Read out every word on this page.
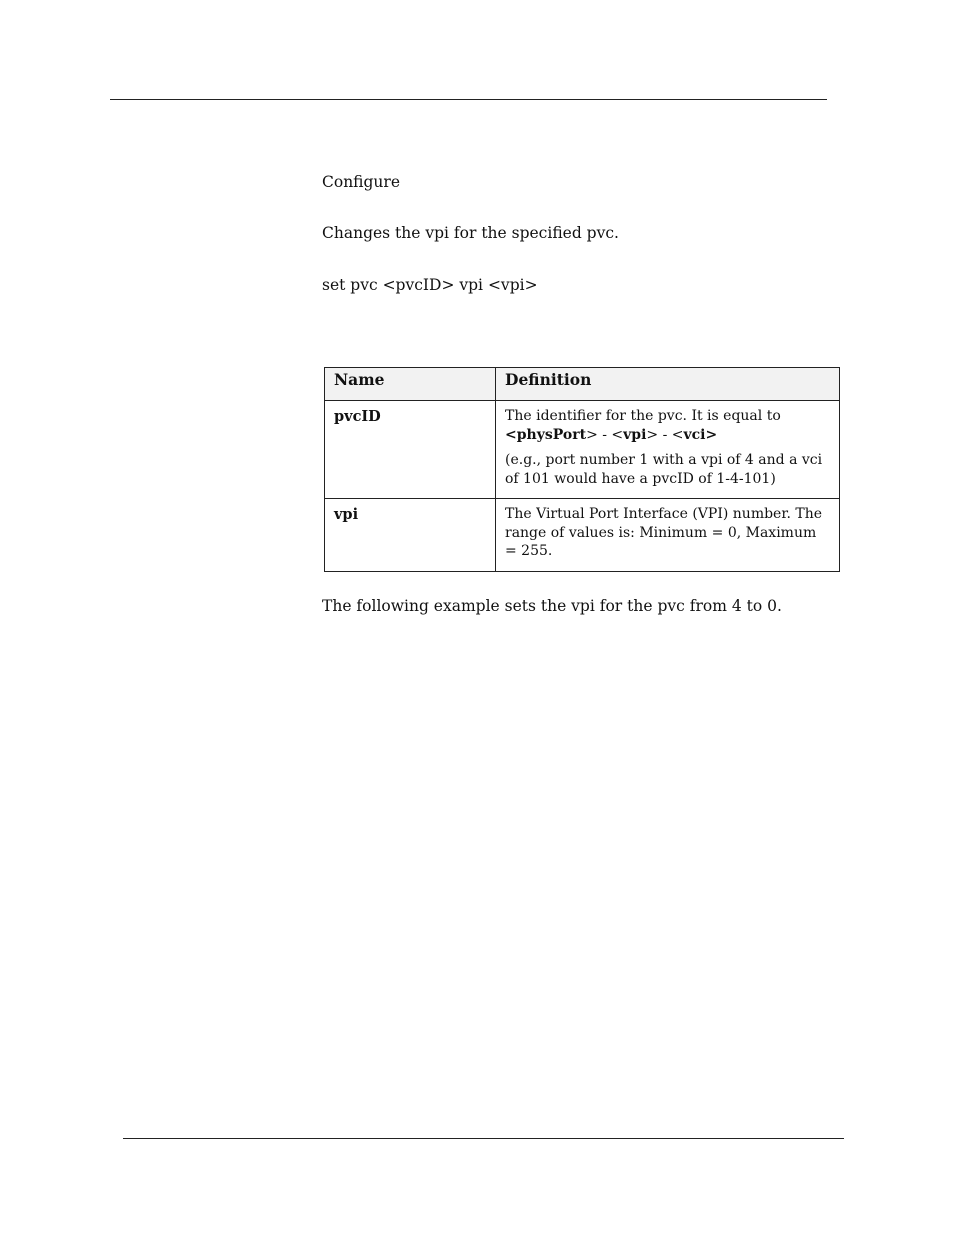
Configure

Changes the vpi for the specified pvc.

set pvc <pvcID> vpi <vpi>

Name	Definition
pvcID	The identifier for the pvc. It is equal to
<physPort> - <vpi> - <vci>
(e.g., port number 1 with a vpi of 4 and a vci of 101 would have a pvcID of 1-4-101)

vpi	The Virtual Port Interface (VPI) number. The range of values is: Minimum = 0, Maximum = 255.

The following example sets the vpi for the pvc from 4 to 0.
